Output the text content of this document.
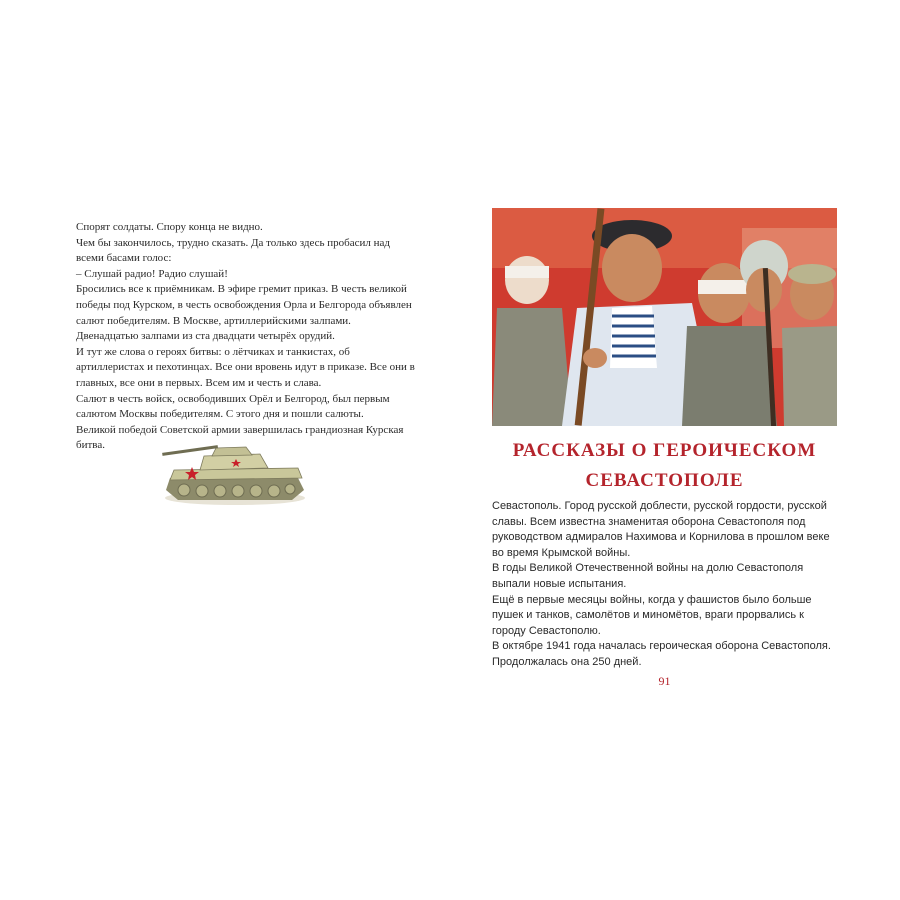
Спорят солдаты. Спору конца не видно.

Чем бы закончилось, трудно сказать. Да только здесь пробасил над всеми басами голос:

– Слушай радио! Радио слушай!

Бросились все к приёмникам. В эфире гремит приказ. В честь великой победы под Курском, в честь освобождения Орла и Белгорода объявлен салют победителям. В Москве, артиллерийскими залпами. Двенадцатью залпами из ста двадцати четырёх орудий.

И тут же слова о героях битвы: о лётчиках и танкистах, об артиллеристах и пехотинцах. Все они вровень идут в приказе. Все они в главных, все они в первых. Всем им и честь и слава.

Салют в честь войск, освободивших Орёл и Белгород, был первым салютом Москвы победителям. С этого дня и пошли салюты.

Великой победой Советской армии завершилась грандиозная Курская битва.	РАССКАЗЫ О ГЕРОИЧЕСКОМ
СЕВАСТОПОЛЕ

Севастополь. Город русской доблести, русской гордости, русской славы. Всем известна знаменитая оборона Севастополя под руководством адмиралов Нахимова и Корнилова в прошлом веке во время Крымской войны.

В годы Великой Отечественной войны на долю Севастополя выпали новые испытания.

Ещё в первые месяцы войны, когда у фашистов было больше пушек и танков, самолётов и миномётов, враги прорвались к городу Севастополю.

В октябре 1941 года началась героическая оборона Севастополя. Продолжалась она 250 дней.

91
